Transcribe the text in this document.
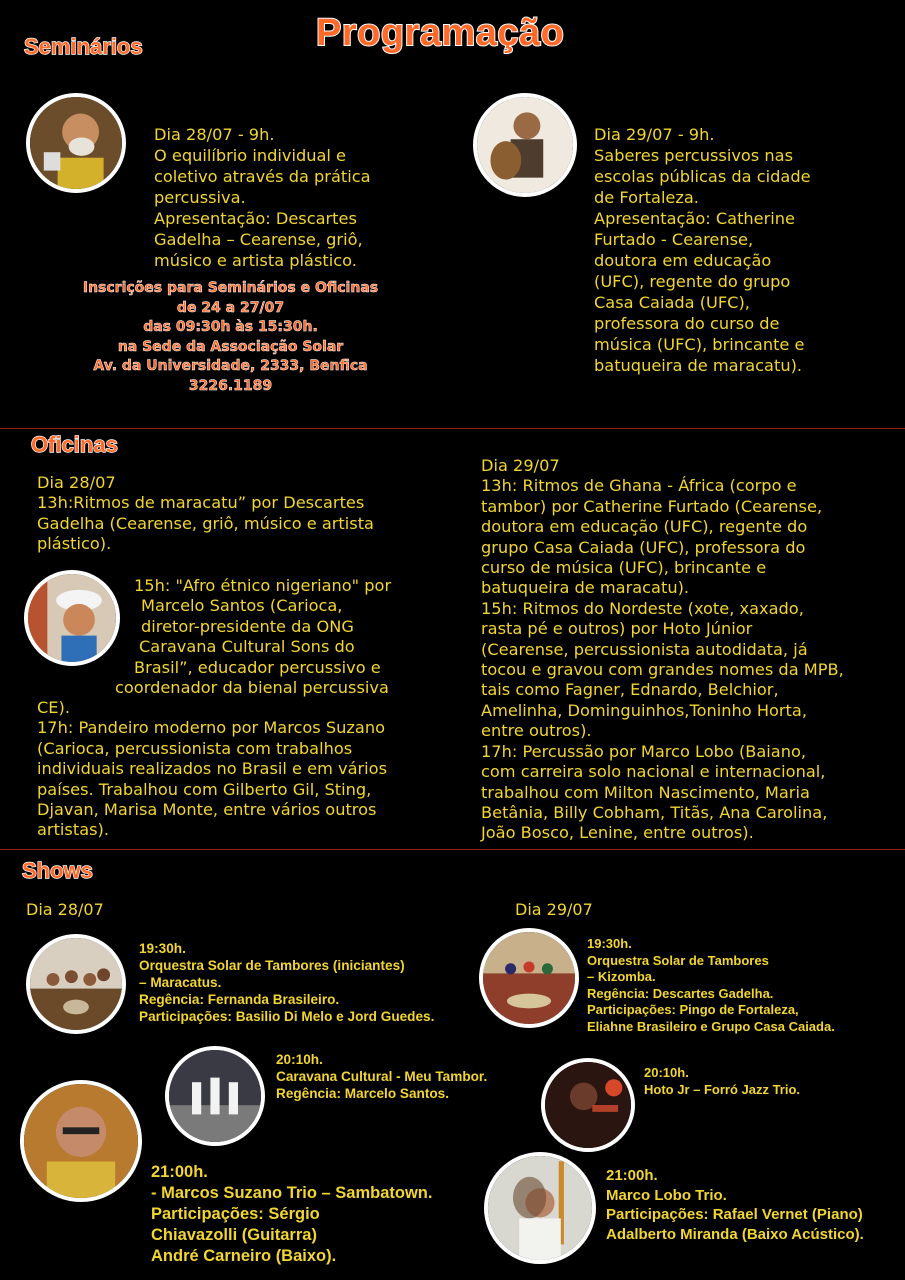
Programação
Seminários

Dia 28/07 - 9h.
O equilíbrio individual e
coletivo através da prática
percussiva.
Apresentação: Descartes
Gadelha – Cearense, griô,
músico e artista plástico.

Inscrições para Seminários e Oficinas
de 24 a 27/07
das 09:30h às 15:30h.
na Sede da Associação Solar
Av. da Universidade, 2333, Benfica
3226.1189

Dia 29/07 - 9h.
Saberes percussivos nas
escolas públicas da cidade
de Fortaleza.
Apresentação: Catherine
Furtado - Cearense,
doutora em educação
(UFC), regente do grupo
Casa Caiada (UFC),
professora do curso de
música (UFC), brincante e
batuqueira de maracatu).

Oficinas
Dia 28/07
13h:Ritmos de maracatu” por Descartes
Gadelha (Cearense, griô, músico e artista
plástico).
15h: "Afro étnico nigeriano" por
Marcelo Santos (Carioca,
diretor-presidente da ONG
Caravana Cultural Sons do
Brasil”, educador percussivo e
coordenador da bienal percussiva
CE).
17h: Pandeiro moderno por Marcos Suzano
(Carioca, percussionista com trabalhos
individuais realizados no Brasil e em vários
países. Trabalhou com Gilberto Gil, Sting,
Djavan, Marisa Monte, entre vários outros
artistas).
Dia 29/07
13h: Ritmos de Ghana - África (corpo e
tambor) por Catherine Furtado (Cearense,
doutora em educação (UFC), regente do
grupo Casa Caiada (UFC), professora do
curso de música (UFC), brincante e
batuqueira de maracatu).
15h: Ritmos do Nordeste (xote, xaxado,
rasta pé e outros) por Hoto Júnior
(Cearense, percussionista autodidata, já
tocou e gravou com grandes nomes da MPB,
tais como Fagner, Ednardo, Belchior,
Amelinha, Dominguinhos,Toninho Horta,
entre outros).
17h: Percussão por Marco Lobo (Baiano,
com carreira solo nacional e internacional,
trabalhou com Milton Nascimento, Maria
Betânia, Billy Cobham, Titãs, Ana Carolina,
João Bosco, Lenine, entre outros).
Shows
Dia 28/07	Dia 29/07
19:30h.
Orquestra Solar de Tambores (iniciantes)
– Maracatus.
Regência: Fernanda Brasileiro.
Participações: Basilio Di Melo e Jord Guedes.
20:10h.
Caravana Cultural - Meu Tambor.
Regência: Marcelo Santos.
21:00h.
- Marcos Suzano Trio – Sambatown.
Participações: Sérgio
Chiavazolli (Guitarra)
André Carneiro (Baixo).
19:30h.
Orquestra Solar de Tambores
– Kizomba.
Regência: Descartes Gadelha.
Participações: Pingo de Fortaleza,
Eliahne Brasileiro e Grupo Casa Caiada.
20:10h.
Hoto Jr – Forró Jazz Trio.
21:00h.
Marco Lobo Trio.
Participações: Rafael Vernet (Piano)
Adalberto Miranda (Baixo Acústico).
